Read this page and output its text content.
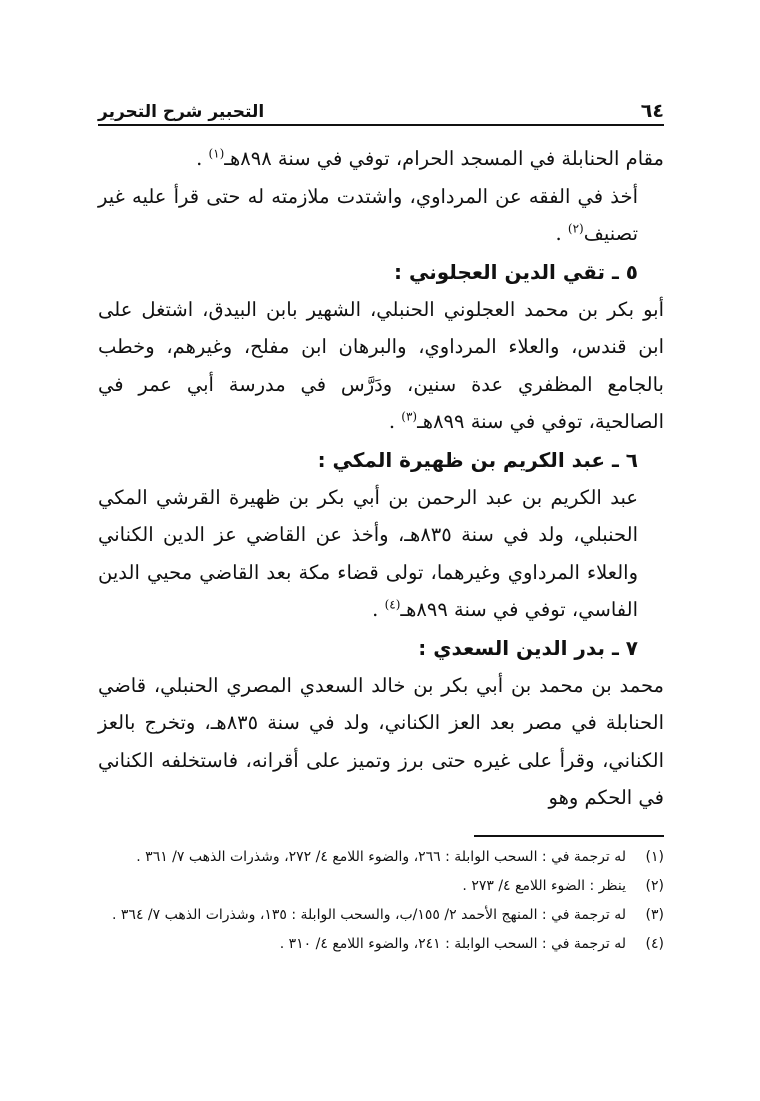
٦٤
التحبير شرح التحرير

مقام الحنابلة في المسجد الحرام، توفي في سنة ٨٩٨هـ$^{(١)}$ .

أخذ في الفقه عن المرداوي، واشتدت ملازمته له حتى قرأ عليه غير تصنيف$^{(٢)}$ .

٥ ـ تقي الدين العجلوني :

أبو بكر بن محمد العجلوني الحنبلي، الشهير بابن البيدق، اشتغل على ابن قندس، والعلاء المرداوي، والبرهان ابن مفلح، وغيرهم، وخطب بالجامع المظفري عدة سنين، ودَرَّس في مدرسة أبي عمر في الصالحية، توفي في سنة ٨٩٩هـ$^{(٣)}$ .

٦ ـ عبد الكريم بن ظهيرة المكي :

عبد الكريم بن عبد الرحمن بن أبي بكر بن ظهيرة القرشي المكي الحنبلي، ولد في سنة ٨٣٥هـ، وأخذ عن القاضي عز الدين الكناني والعلاء المرداوي وغيرهما، تولى قضاء مكة بعد القاضي محيي الدين الفاسي، توفي في سنة ٨٩٩هـ$^{(٤)}$ .

٧ ـ بدر الدين السعدي :

محمد بن محمد بن أبي بكر بن خالد السعدي المصري الحنبلي، قاضي الحنابلة في مصر بعد العز الكناني، ولد في سنة ٨٣٥هـ، وتخرج بالعز الكناني، وقرأ على غيره حتى برز وتميز على أقرانه، فاستخلفه الكناني في الحكم وهو

(١)
له ترجمة في : السحب الوابلة : ٢٦٦، والضوء اللامع ٤/ ٢٧٢، وشذرات الذهب ٧/ ٣٦١ .
(٢)
ينظر : الضوء اللامع ٤/ ٢٧٣ .
(٣)
له ترجمة في : المنهج الأحمد ٢/ ١٥٥/ب، والسحب الوابلة : ١٣٥، وشذرات الذهب ٧/ ٣٦٤ .
(٤)
له ترجمة في : السحب الوابلة : ٢٤١، والضوء اللامع ٤/ ٣١٠ .
